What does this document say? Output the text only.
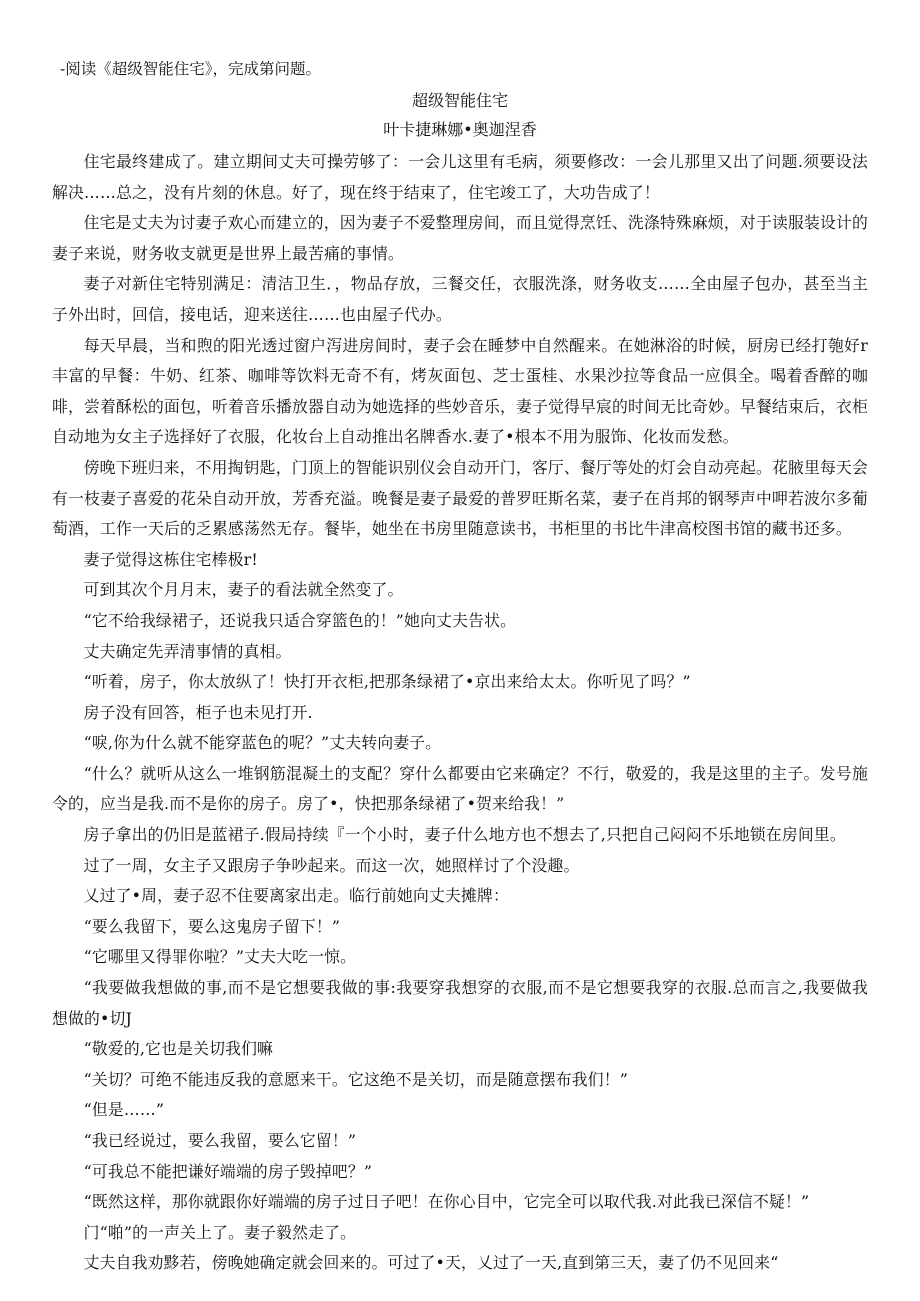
-阅读《超级智能住宅》，完成第问题。
超级智能住宅
叶卡捷琳娜•奥迦涅香

住宅最终建成了。建立期间丈夫可操劳够了：一会儿这里有毛病，须要修改：一会儿那里又出了问题.须要设法解决……总之，没有片刻的休息。好了，现在终于结束了，住宅竣工了，大功告成了！

住宅是丈夫为讨妻子欢心而建立的，因为妻子不爱整理房间，而且觉得烹饪、洗涤特殊麻烦，对于读服装设计的妻子来说，财务收支就更是世界上最苦痛的事情。

妻子对新住宅特别满足：清洁卫生．，物品存放，三餐交任，衣服洗涤，财务收支……全由屋子包办，甚至当主子外出时，回信，接电话，迎来送往……也由屋子代办。

每天早晨，当和煦的阳光透过窗户泻进房间时，妻子会在睡梦中自然醒来。在她淋浴的时候，厨房已经打匏好r丰富的早餐：牛奶、红茶、咖啡等饮料无奇不有，烤灰面包、芝士蛋桂、水果沙拉等食品一应俱全。喝着香醉的咖啡，尝着酥松的面包，听着音乐播放器自动为她选择的些妙音乐，妻子觉得早宸的时间无比奇妙。早餐结束后，衣柜自动地为女主子选择好了衣服，化妆台上自动推出名牌香水.妻了•根本不用为服饰、化妆而发愁。

傍晚下班归来，不用掏钥匙，门顶上的智能识别仪会自动开门，客厅、餐厅等处的灯会自动亮起。花腋里每天会有一枝妻子喜爱的花朵自动开放，芳香充溢。晚餐是妻子最爱的普罗旺斯名菜，妻子在肖邦的钢琴声中呷若波尔多葡萄酒，工作一天后的乏累感荡然无存。餐毕，她坐在书房里随意读书，书柜里的书比牛津高校图书馆的藏书还多。

妻子觉得这栋住宅棒极r!

可到其次个月月末，妻子的看法就全然变了。

“它不给我绿裙子，还说我只适合穿篮色的！”她向丈夫告状。

丈夫确定先弄清事情的真相。

“听着，房子，你太放纵了！快打开衣柜,把那条绿裙了•京出来给太太。你听见了吗？”

房子没有回答，柜子也未见打开.

“唳,你为什么就不能穿蓝色的呢？”丈夫转向妻子。

“什么？就听从这么一堆钢筋混凝土的支配？穿什么都要由它来确定？不行，敬爱的，我是这里的主子。发号施令的，应当是我.而不是你的房子。房了•，快把那条绿裙了•贺来给我！”

房子拿出的仍旧是蓝裙子.假局持续『一个小时，妻子什么地方也不想去了,只把自己闷闷不乐地锁在房间里。

过了一周，女主子又跟房子争吵起来。而这一次，她照样讨了个没趣。

乂过了•周，妻子忍不住要离家出走。临行前她向丈夫摊牌：

“要么我留下，要么这鬼房子留下！”

“它哪里又得罪你啦？”丈夫大吃一惊。

“我要做我想做的事,而不是它想要我做的事:我要穿我想穿的衣服,而不是它想要我穿的衣服.总而言之,我要做我想做的•切J

“敬爱的,它也是关切我们嘛

“关切？可绝不能违反我的意愿来干。它这绝不是关切，而是随意摆布我们！”

“但是……”

“我已经说过，要么我留，要么它留！”

“可我总不能把谦好端端的房子毁掉吧？”

“既然这样，那你就跟你好端端的房子过日子吧！在你心目中，它完全可以取代我.对此我已深信不疑！”

门“啪”的一声关上了。妻子毅然走了。

丈夫自我劝黟若，傍晚她确定就会回来的。可过了•天，乂过了一天,直到第三天，妻了仍不见回来“
